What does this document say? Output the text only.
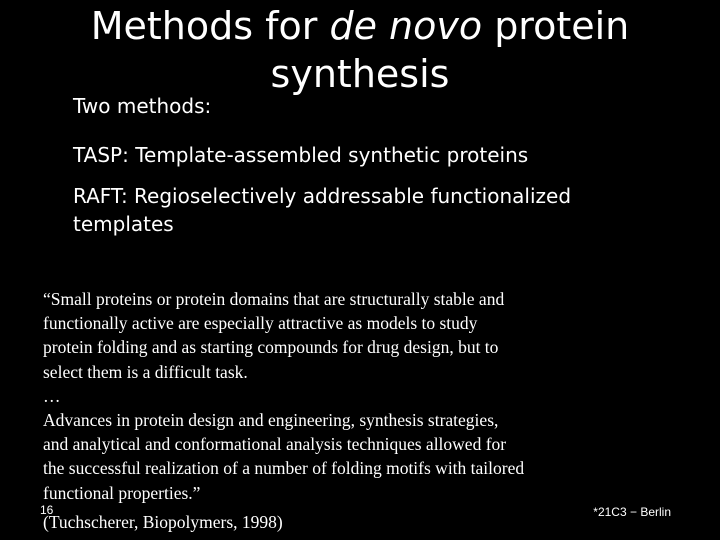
Methods for de novo protein synthesis
Two methods:
TASP: Template-assembled synthetic proteins
RAFT: Regioselectively addressable functionalized templates
“Small proteins or protein domains that are structurally stable and
functionally active are especially attractive as models to study
protein folding and as starting compounds for drug design, but to
select them is a difficult task.
…
Advances in protein design and engineering, synthesis strategies,
and analytical and conformational analysis techniques allowed for
the successful realization of a number of folding motifs with tailored
functional properties.”
16
(Tuchscherer, Biopolymers, 1998)	*21C3 − Berlin
